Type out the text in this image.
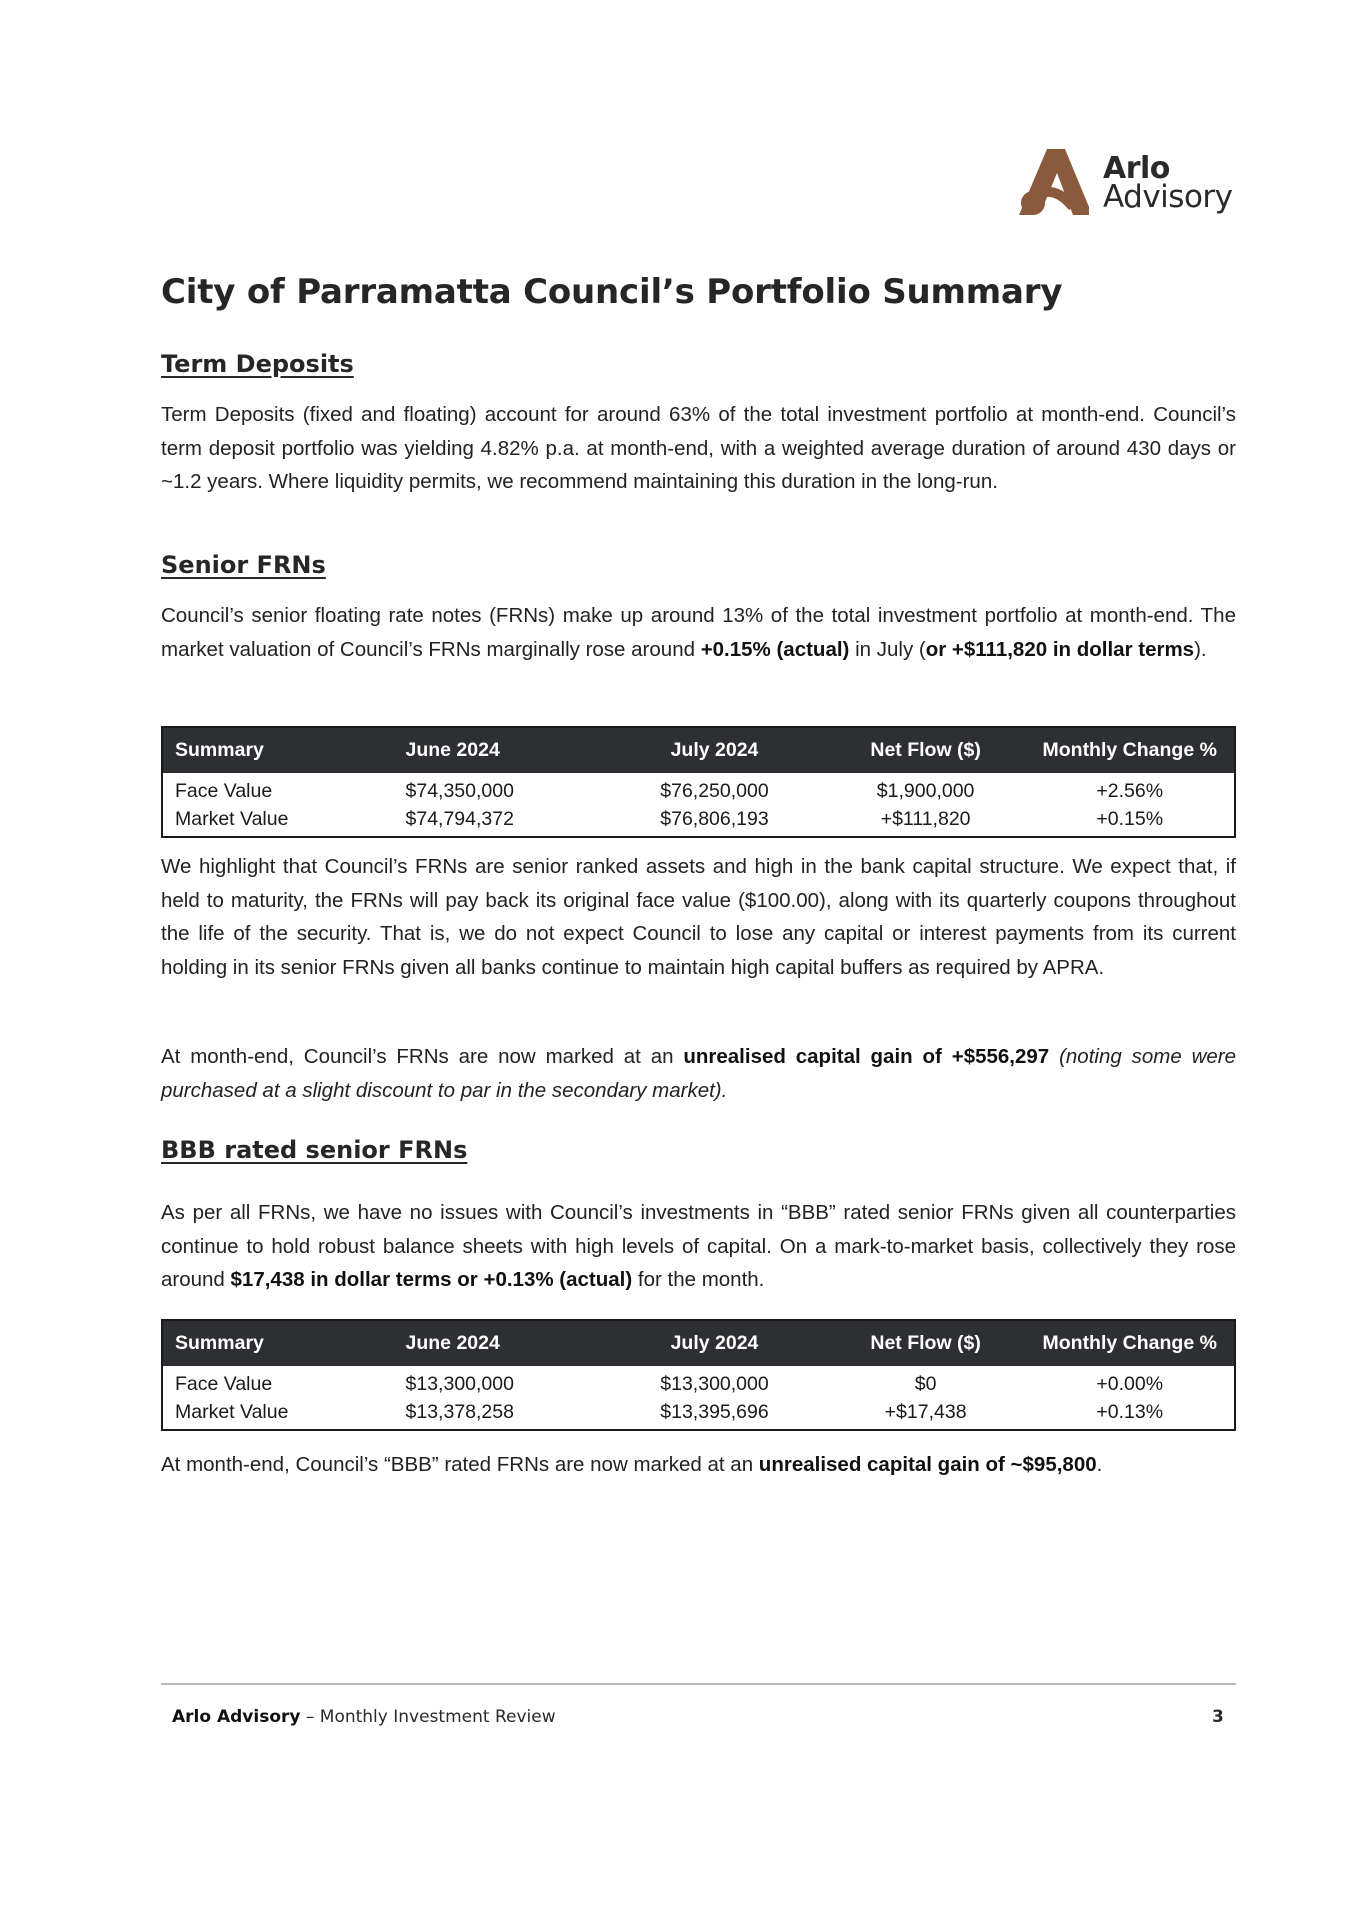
Arlo
Advisory
City of Parramatta Council’s Portfolio Summary
Term Deposits

Term Deposits (fixed and floating) account for around 63% of the total investment portfolio at month-end. Council’s term deposit portfolio was yielding 4.82% p.a. at month-end, with a weighted average duration of around 430 days or ~1.2 years. Where liquidity permits, we recommend maintaining this duration in the long-run.

Senior FRNs

Council’s senior floating rate notes (FRNs) make up around 13% of the total investment portfolio at month-end. The market valuation of Council’s FRNs marginally rose around +0.15% (actual) in July (or +$111,820 in dollar terms).

Summary	June 2024	July 2024	Net Flow ($)	Monthly Change %
Face Value	$74,350,000	$76,250,000	$1,900,000	+2.56%
Market Value	$74,794,372	$76,806,193	+$111,820	+0.15%

We highlight that Council’s FRNs are senior ranked assets and high in the bank capital structure. We expect that, if held to maturity, the FRNs will pay back its original face value ($100.00), along with its quarterly coupons throughout the life of the security. That is, we do not expect Council to lose any capital or interest payments from its current holding in its senior FRNs given all banks continue to maintain high capital buffers as required by APRA.

At month-end, Council’s FRNs are now marked at an unrealised capital gain of +$556,297 (noting some were purchased at a slight discount to par in the secondary market).

BBB rated senior FRNs

As per all FRNs, we have no issues with Council’s investments in “BBB” rated senior FRNs given all counterparties continue to hold robust balance sheets with high levels of capital. On a mark-to-market basis, collectively they rose around $17,438 in dollar terms or +0.13% (actual) for the month.

Summary	June 2024	July 2024	Net Flow ($)	Monthly Change %
Face Value	$13,300,000	$13,300,000	$0	+0.00%
Market Value	$13,378,258	$13,395,696	+$17,438	+0.13%

At month-end, Council’s “BBB” rated FRNs are now marked at an unrealised capital gain of ~$95,800.

Arlo Advisory – Monthly Investment Review	3
